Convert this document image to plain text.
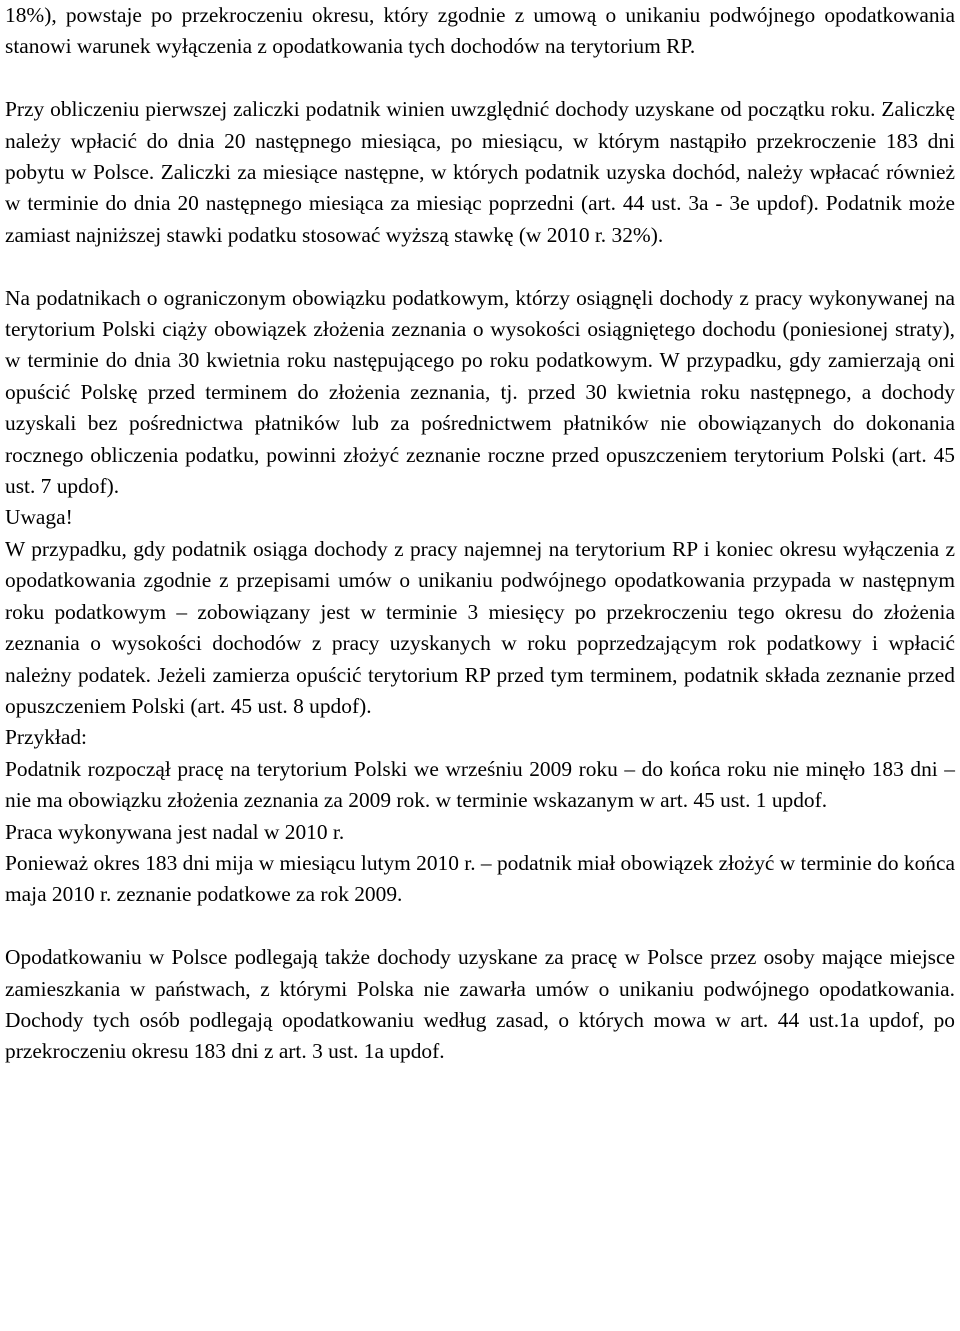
18%), powstaje po przekroczeniu okresu, który zgodnie z umową o unikaniu podwójnego opodatkowania stanowi warunek wyłączenia z opodatkowania tych dochodów na terytorium RP.

Przy obliczeniu pierwszej zaliczki podatnik winien uwzględnić dochody uzyskane od początku roku. Zaliczkę należy wpłacić do dnia 20 następnego miesiąca, po miesiącu, w którym nastąpiło przekroczenie 183 dni pobytu w Polsce. Zaliczki za miesiące następne, w których podatnik uzyska dochód, należy wpłacać również w terminie do dnia 20 następnego miesiąca za miesiąc poprzedni (art. 44 ust. 3a - 3e updof). Podatnik może zamiast najniższej stawki podatku stosować wyższą stawkę (w 2010 r. 32%).

Na podatnikach o ograniczonym obowiązku podatkowym, którzy osiągnęli dochody z pracy wykonywanej na terytorium Polski ciąży obowiązek złożenia zeznania o wysokości osiągniętego dochodu (poniesionej straty), w terminie do dnia 30 kwietnia roku następującego po roku podatkowym. W przypadku, gdy zamierzają oni opuścić Polskę przed terminem do złożenia zeznania, tj. przed 30 kwietnia roku następnego, a dochody uzyskali bez pośrednictwa płatników lub za pośrednictwem płatników nie obowiązanych do dokonania rocznego obliczenia podatku, powinni złożyć zeznanie roczne przed opuszczeniem terytorium Polski (art. 45 ust. 7 updof).

Uwaga!

W przypadku, gdy podatnik osiąga dochody z pracy najemnej na terytorium RP i koniec okresu wyłączenia z opodatkowania zgodnie z przepisami umów o unikaniu podwójnego opodatkowania przypada w następnym roku podatkowym – zobowiązany jest w terminie 3 miesięcy po przekroczeniu tego okresu do złożenia zeznania o wysokości dochodów z pracy uzyskanych w roku poprzedzającym rok podatkowy i wpłacić należny podatek. Jeżeli zamierza opuścić terytorium RP przed tym terminem, podatnik składa zeznanie przed opuszczeniem Polski (art. 45 ust. 8 updof).

Przykład:

Podatnik rozpoczął pracę na terytorium Polski we wrześniu 2009 roku – do końca roku nie minęło 183 dni – nie ma obowiązku złożenia zeznania za 2009 rok. w terminie wskazanym w art. 45 ust. 1 updof.

Praca wykonywana jest nadal w 2010 r.

Ponieważ okres 183 dni mija w miesiącu lutym 2010 r. – podatnik miał obowiązek złożyć w terminie do końca maja 2010 r. zeznanie podatkowe za rok 2009.

Opodatkowaniu w Polsce podlegają także dochody uzyskane za pracę w Polsce przez osoby mające miejsce zamieszkania w państwach, z którymi Polska nie zawarła umów o unikaniu podwójnego opodatkowania. Dochody tych osób podlegają opodatkowaniu według zasad, o których mowa w art. 44 ust.1a updof, po przekroczeniu okresu 183 dni z art. 3 ust. 1a updof.
